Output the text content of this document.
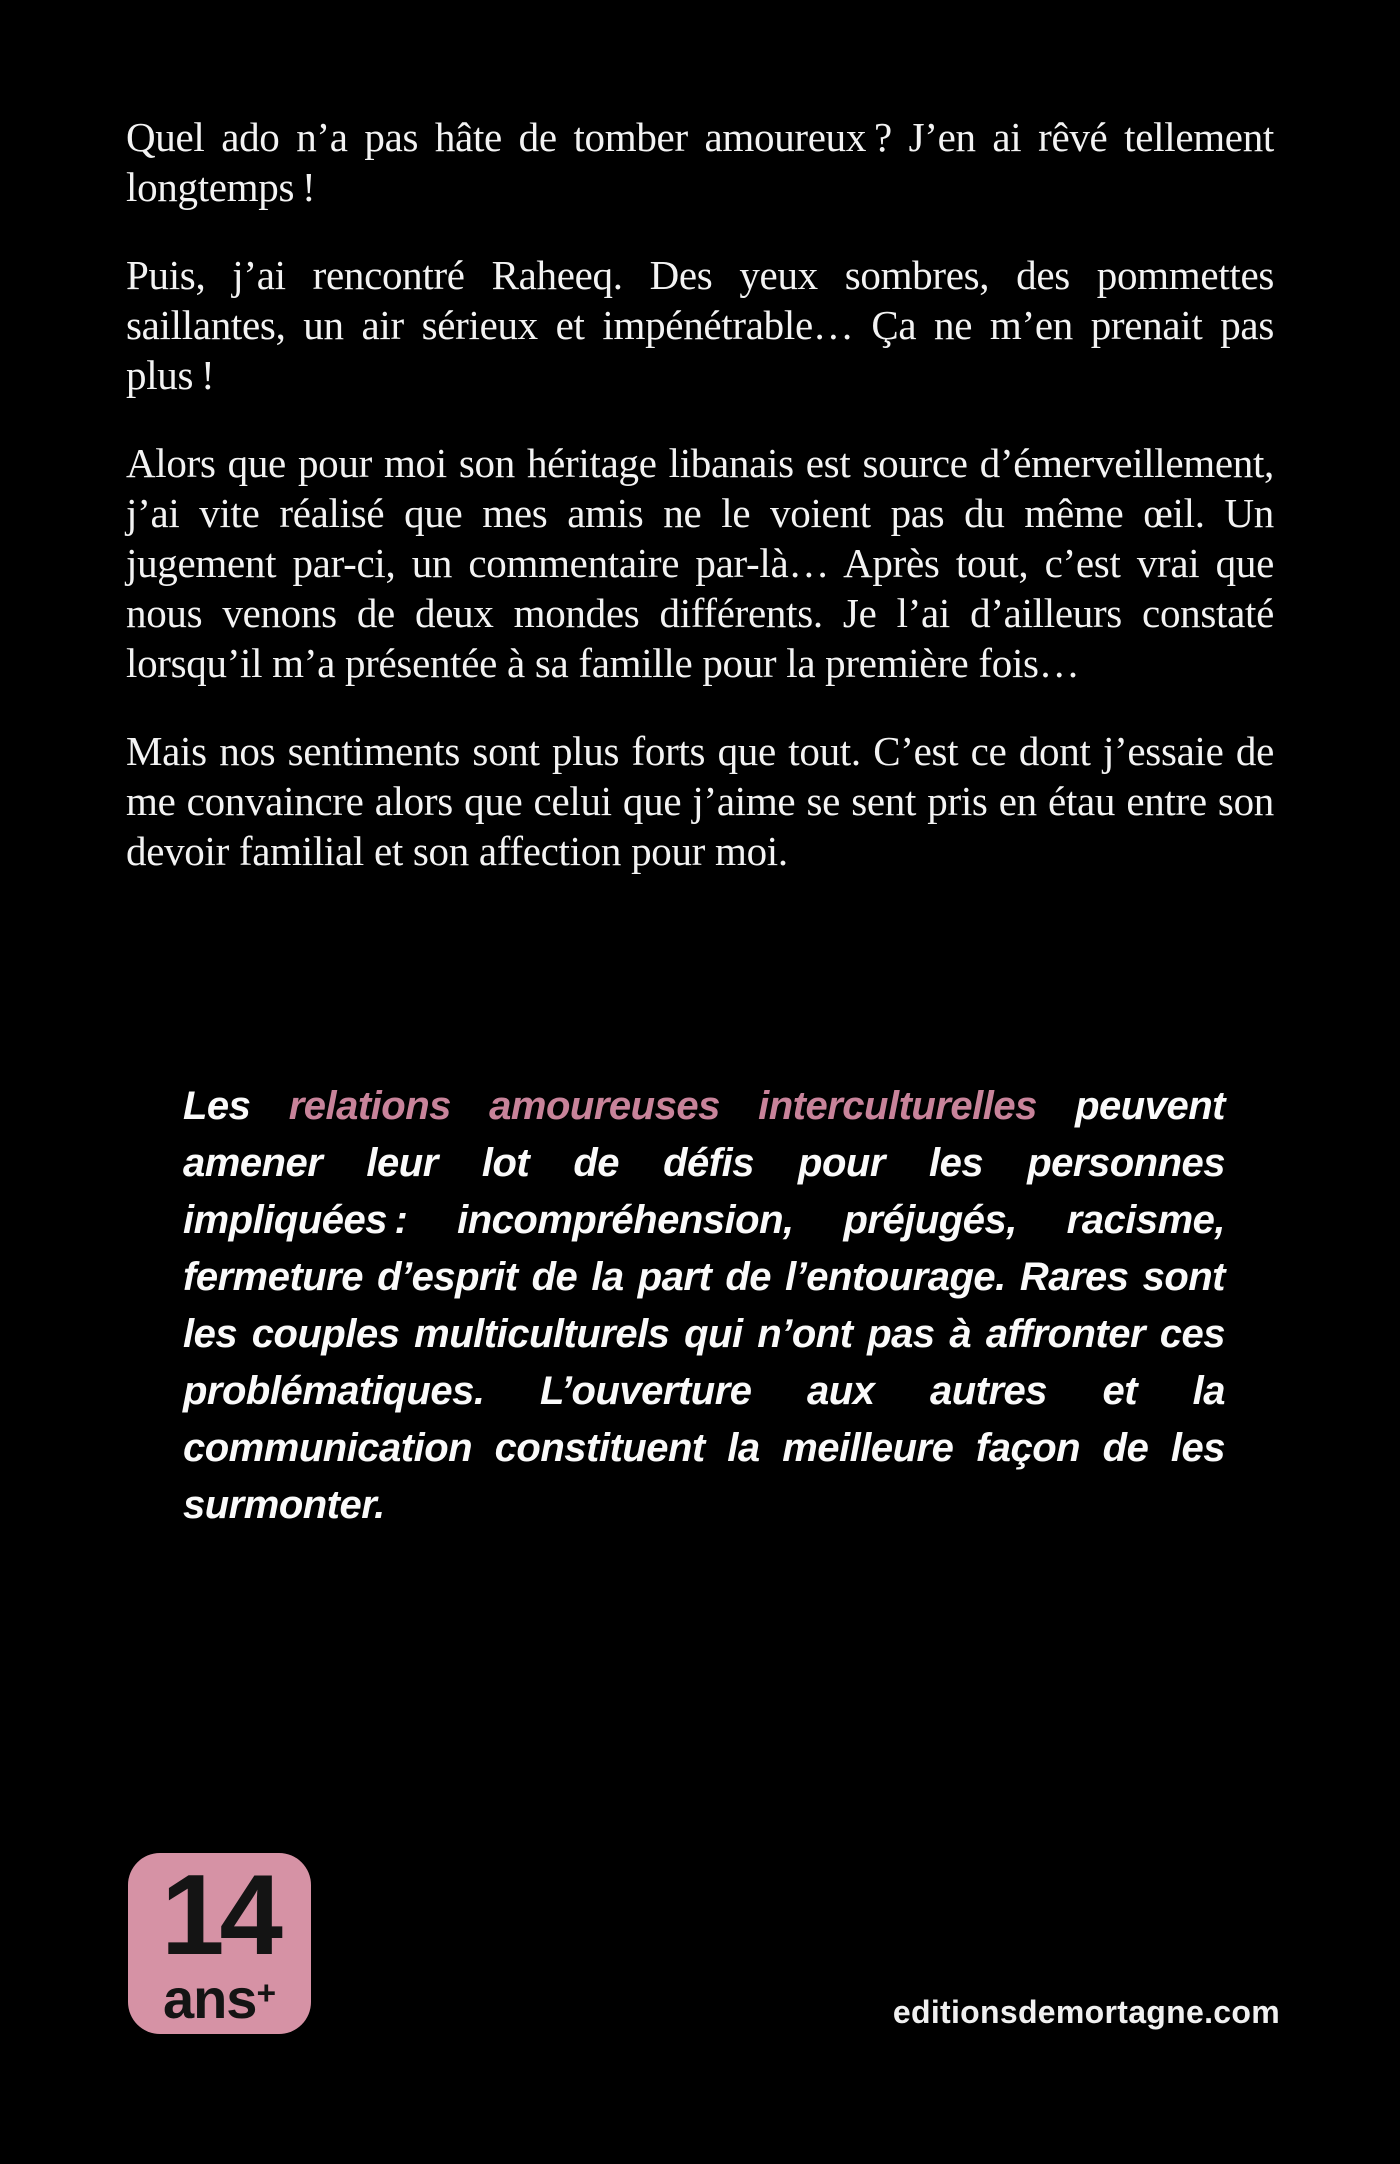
Quel ado n’a pas hâte de tomber amoureux ? J’en ai rêvé tellement longtemps !

Puis, j’ai rencontré Raheeq. Des yeux sombres, des pommettes saillantes, un air sérieux et impénétrable… Ça ne m’en prenait pas plus !

Alors que pour moi son héritage libanais est source d’émerveillement, j’ai vite réalisé que mes amis ne le voient pas du même œil. Un jugement par-ci, un commentaire par-là… Après tout, c’est vrai que nous venons de deux mondes différents. Je l’ai d’ailleurs constaté lorsqu’il m’a présentée à sa famille pour la première fois…

Mais nos sentiments sont plus forts que tout. C’est ce dont j’essaie de me convaincre alors que celui que j’aime se sent pris en étau entre son devoir familial et son affection pour moi.

Les relations amoureuses interculturelles peuvent amener leur lot de défis pour les personnes impliquées : incompréhension, préjugés, racisme, fermeture d’esprit de la part de l’entourage. Rares sont les couples multiculturels qui n’ont pas à affronter ces problématiques. L’ouverture aux autres et la communication constituent la meilleure façon de les surmonter.
14
ans+
editionsdemortagne.com
